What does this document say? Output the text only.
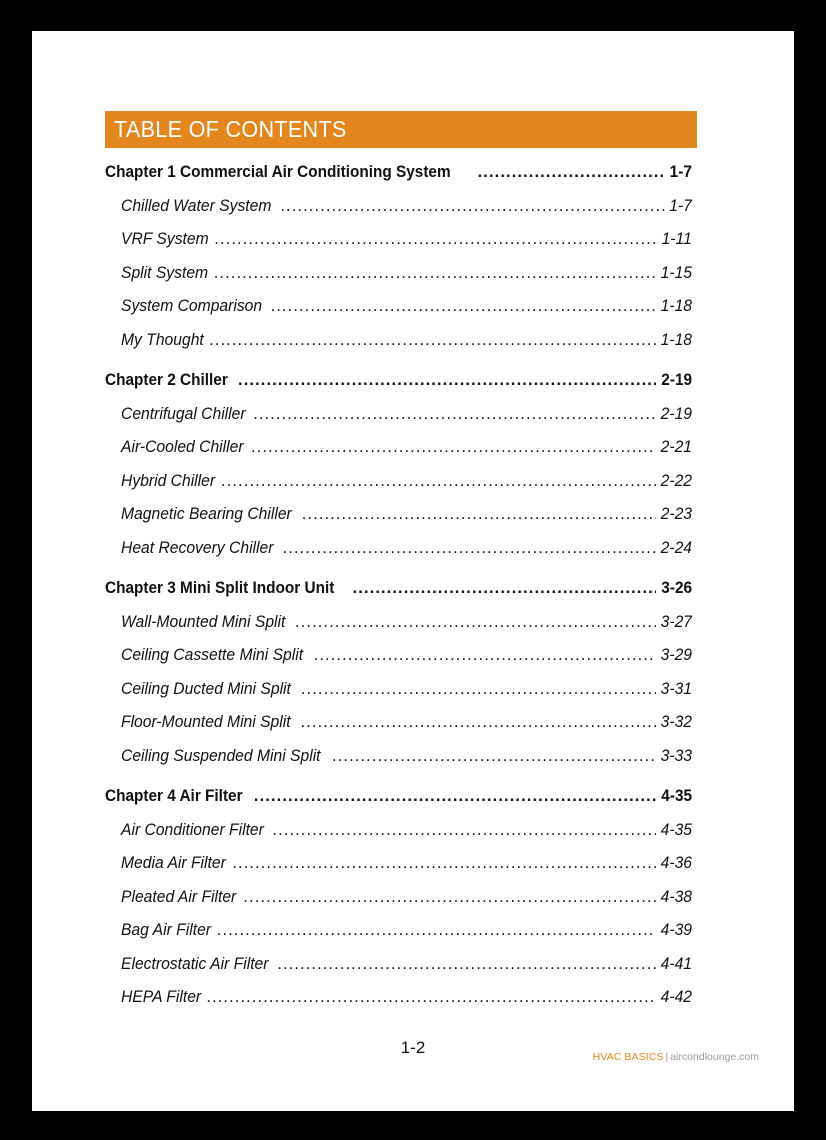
TABLE OF CONTENTS
Chapter 1 Commercial Air Conditioning System .....	1-7
Chilled Water System .....	1-7
VRF System .....	1-11
Split System .....	1-15
System Comparison .....	1-18
My Thought .....	1-18
Chapter 2 Chiller .....	2-19
Centrifugal Chiller .....	2-19
Air-Cooled Chiller .....	2-21
Hybrid Chiller .....	2-22
Magnetic Bearing Chiller .....	2-23
Heat Recovery Chiller .....	2-24
Chapter 3 Mini Split Indoor Unit .....	3-26
Wall-Mounted Mini Split .....	3-27
Ceiling Cassette Mini Split .....	3-29
Ceiling Ducted Mini Split .....	3-31
Floor-Mounted Mini Split .....	3-32
Ceiling Suspended Mini Split .....	3-33
Chapter 4 Air Filter .....	4-35
Air Conditioner Filter .....	4-35
Media Air Filter .....	4-36
Pleated Air Filter .....	4-38
Bag Air Filter .....	4-39
Electrostatic Air Filter .....	4-41
HEPA Filter .....	4-42
1-2	HVAC BASICS | aircondlounge.com
